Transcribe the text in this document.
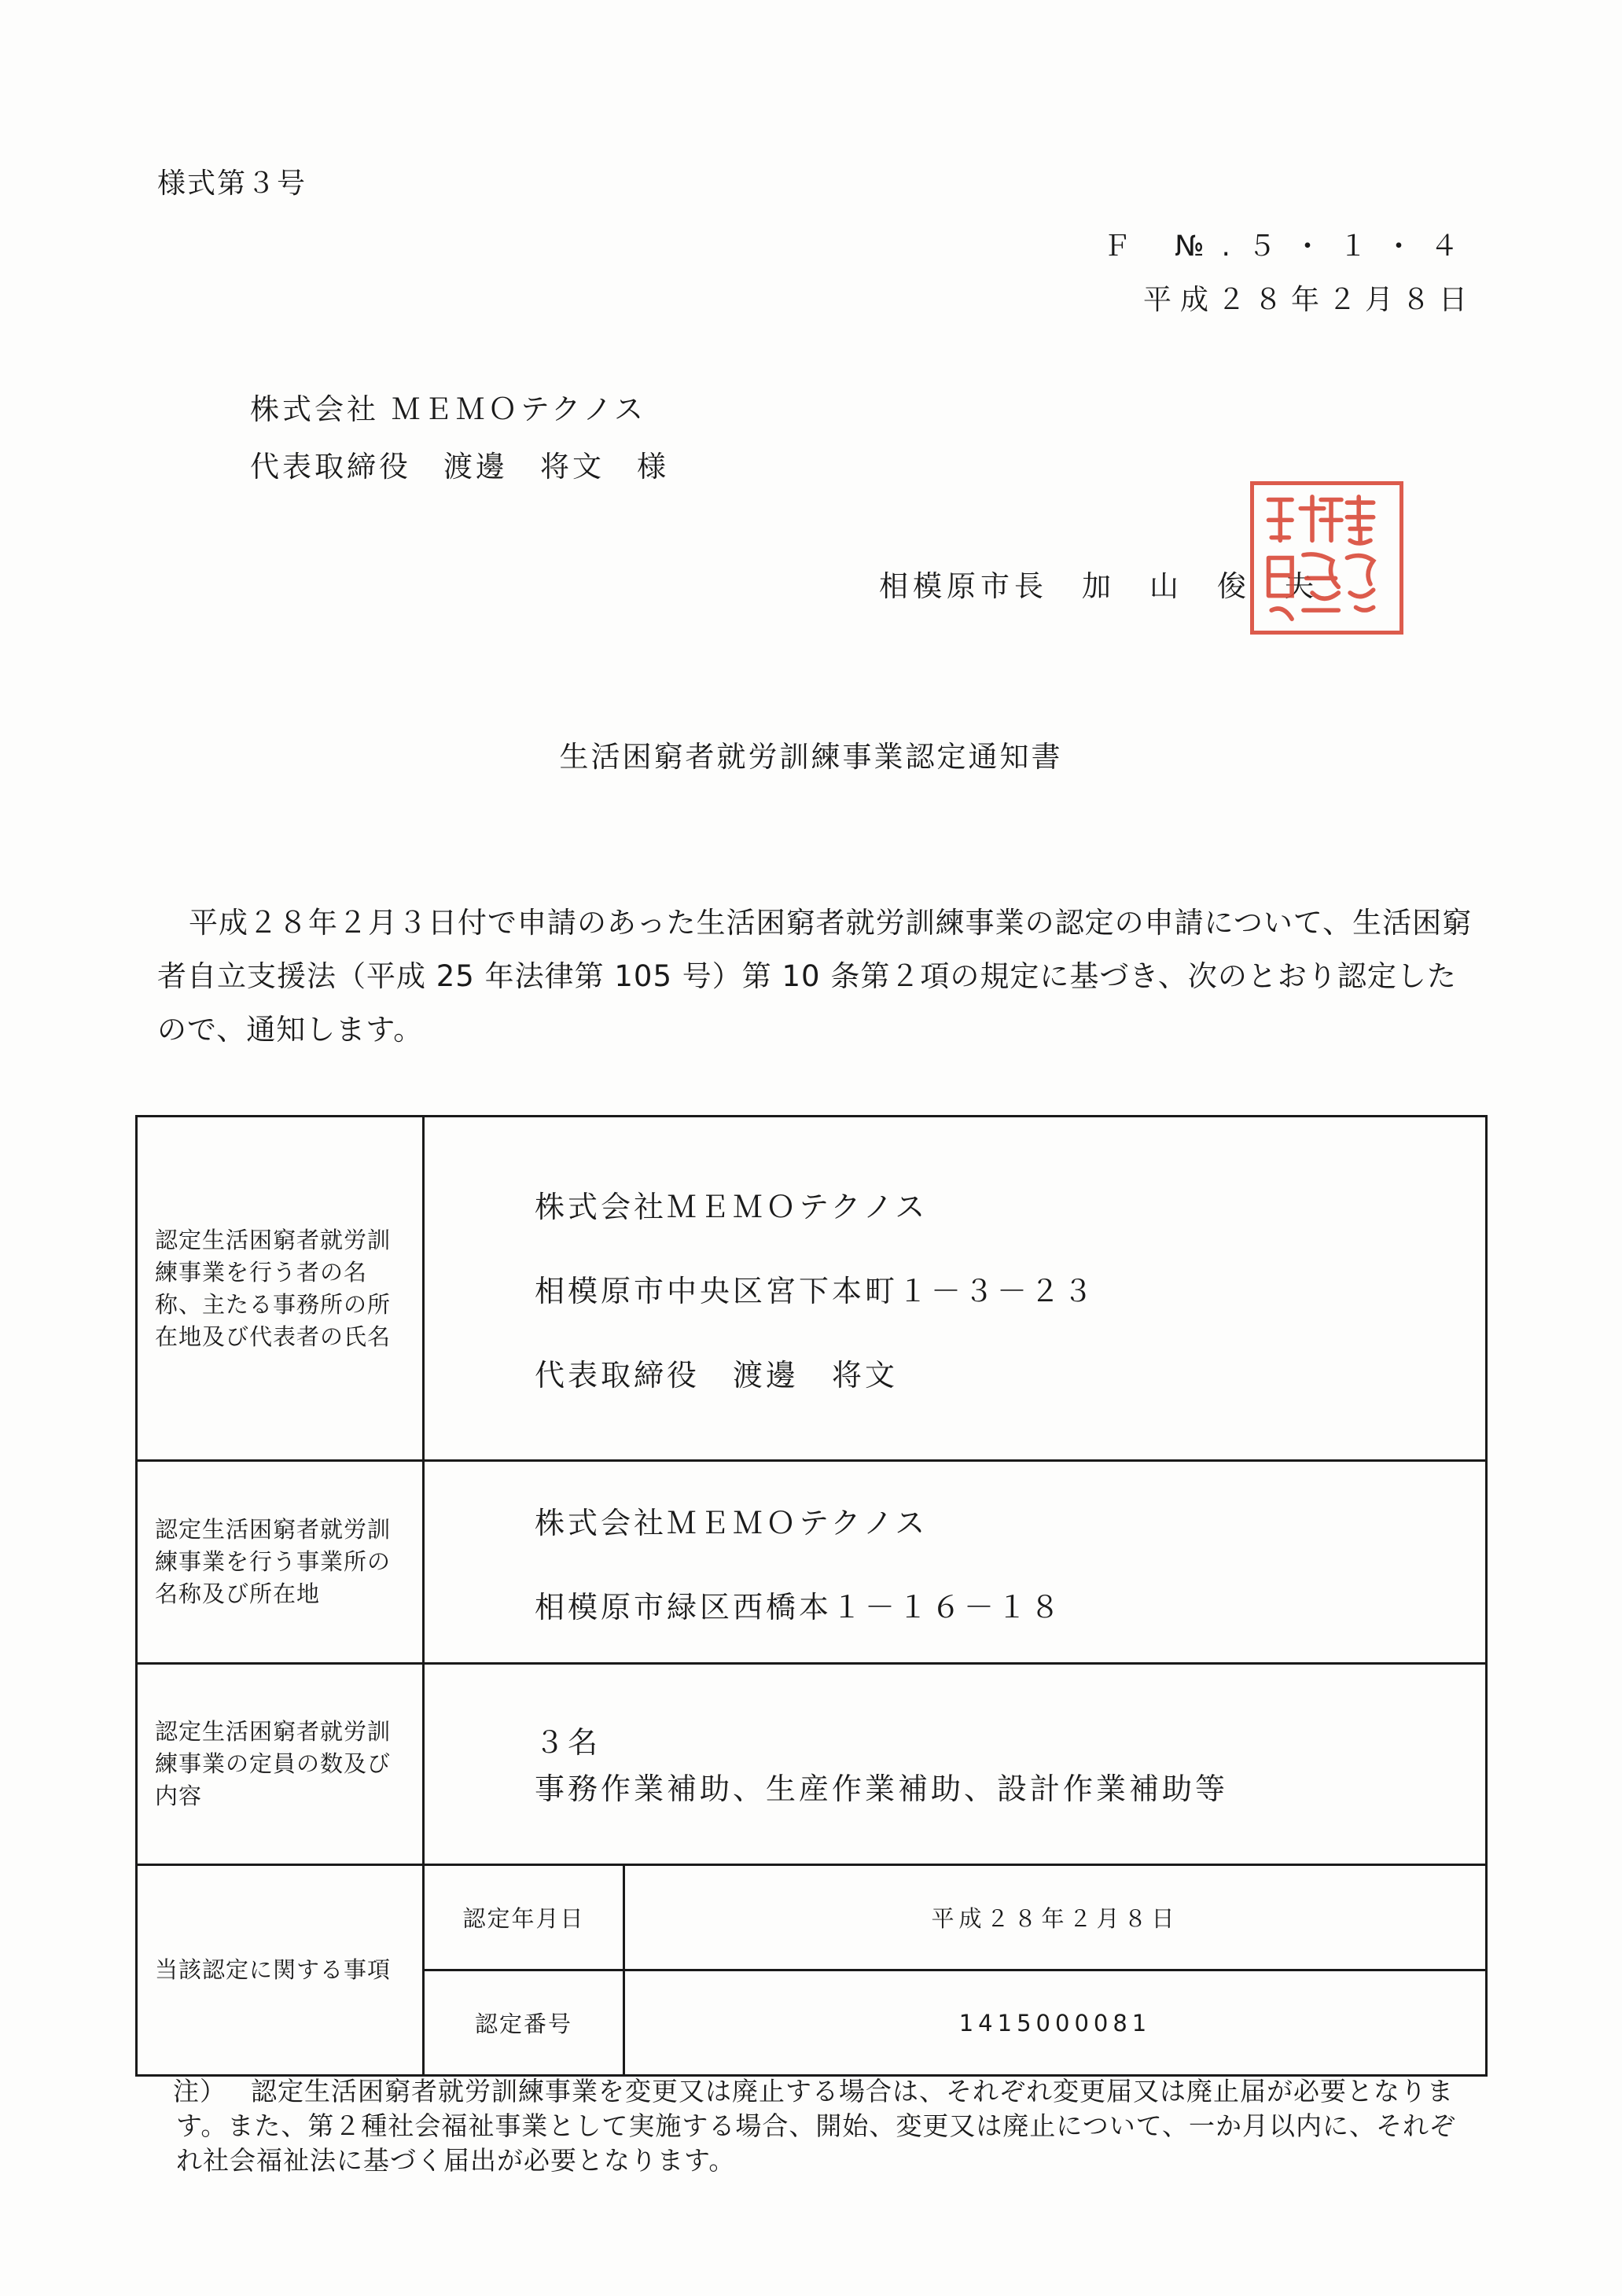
様式第３号
Ｆ №.５・１・４
平成２８年２月８日
株式会社 ＭＥＭＯテクノス
代表取締役　渡邊　将文　様
相模原市長　加　山　俊　夫
生活困窮者就労訓練事業認定通知書
平成２８年２月３日付で申請のあった生活困窮者就労訓練事業の認定の申請について、生活困窮者自立支援法（平成 25 年法律第 105 号）第 10 条第２項の規定に基づき、次のとおり認定したので、通知します。
認定生活困窮者就労訓練事業を行う者の名称、主たる事務所の所在地及び代表者の氏名	株式会社ＭＥＭＯテクノス
相模原市中央区宮下本町１－３－２３
代表取締役　渡邊　将文	

認定生活困窮者就労訓練事業を行う事業所の名称及び所在地	株式会社ＭＥＭＯテクノス
相模原市緑区西橋本１－１６－１８	

認定生活困窮者就労訓練事業の定員の数及び内容	３名
事務作業補助、生産作業補助、設計作業補助等	

当該認定に関する事項	認定年月日	平成２８年２月８日
	認定番号	1415000081
注） 認定生活困窮者就労訓練事業を変更又は廃止する場合は、それぞれ変更届又は廃止届が必要となります。また、第２種社会福祉事業として実施する場合、開始、変更又は廃止について、一か月以内に、それぞれ社会福祉法に基づく届出が必要となります。
